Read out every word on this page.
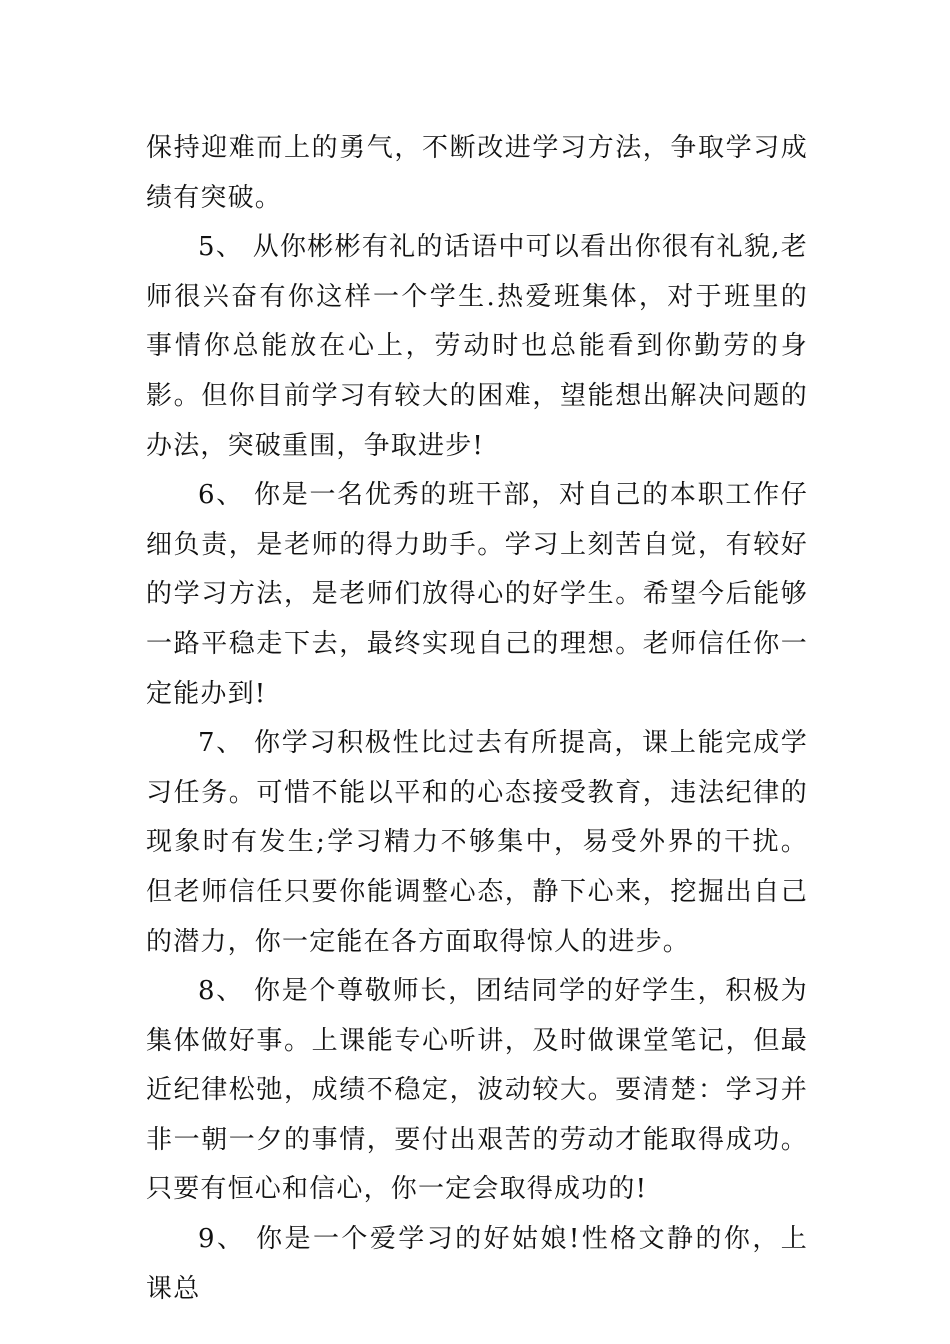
保持迎难而上的勇气，不断改进学习方法，争取学习成绩有突破。

5、 从你彬彬有礼的话语中可以看出你很有礼貌,老师很兴奋有你这样一个学生.热爱班集体，对于班里的事情你总能放在心上，劳动时也总能看到你勤劳的身影。但你目前学习有较大的困难，望能想出解决问题的办法，突破重围，争取进步!

6、 你是一名优秀的班干部，对自己的本职工作仔细负责，是老师的得力助手。学习上刻苦自觉，有较好的学习方法，是老师们放得心的好学生。希望今后能够一路平稳走下去，最终实现自己的理想。老师信任你一定能办到!

7、 你学习积极性比过去有所提高，课上能完成学习任务。可惜不能以平和的心态接受教育，违法纪律的现象时有发生;学习精力不够集中，易受外界的干扰。但老师信任只要你能调整心态，静下心来，挖掘出自己的潜力，你一定能在各方面取得惊人的进步。

8、 你是个尊敬师长，团结同学的好学生，积极为集体做好事。上课能专心听讲，及时做课堂笔记，但最近纪律松弛，成绩不稳定，波动较大。要清楚：学习并非一朝一夕的事情，要付出艰苦的劳动才能取得成功。只要有恒心和信心，你一定会取得成功的!

9、 你是一个爱学习的好姑娘!性格文静的你，上课总
